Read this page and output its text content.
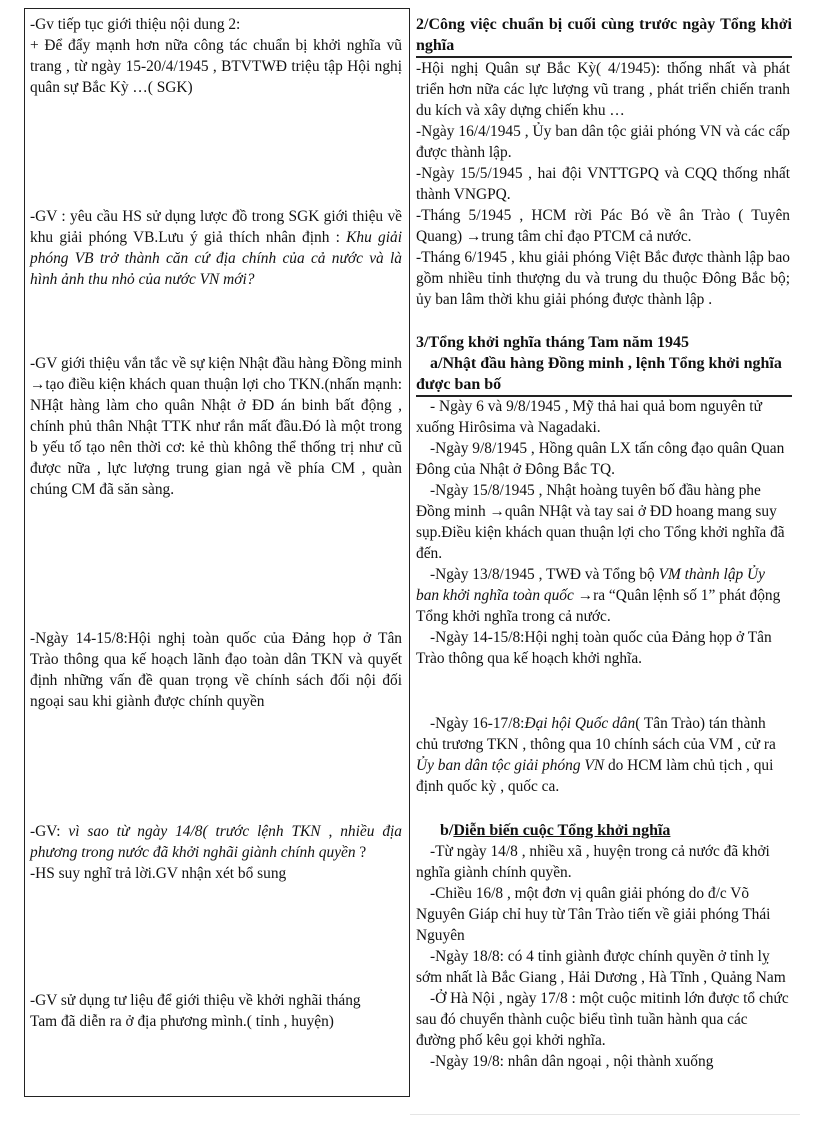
-Gv tiếp tục giới thiệu nội dung 2:

+ Để đẩy mạnh hơn nữa công tác chuẩn bị khởi nghĩa vũ trang , từ ngày 15-20/4/1945 , BTVTWĐ triệu tập Hội nghị quân sự Bắc Kỳ …( SGK)

-GV : yêu cầu HS sử dụng lược đồ trong SGK giới thiệu về khu giải phóng VB.Lưu ý giả thích nhân định : Khu giải phóng VB trở thành căn cứ địa chính của cả nước và là hình ảnh thu nhỏ của nước VN mới?
-GV giới thiệu vắn tắc về sự kiện Nhật đầu hàng Đồng minh →tạo điều kiện khách quan thuận lợi cho TKN.(nhấn mạnh: NHật hàng làm cho quân Nhật ở ĐD án binh bất động , chính phủ thân Nhật TTK như rắn mất đầu.Đó là một trong b yếu tố tạo nên thời cơ: kẻ thù không thể thống trị như cũ được nữa , lực lượng trung gian ngả về phía CM , quàn chúng CM đã săn sàng.
-Ngày 14-15/8:Hội nghị toàn quốc của Đảng họp ở Tân Trào thông qua kế hoạch lãnh đạo toàn dân TKN và quyết định những vấn đề quan trọng về chính sách đối nội đối ngoại sau khi giành được chính quyền

-GV: vì sao từ ngày 14/8( trước lệnh TKN , nhiều địa phương trong nước đã khởi nghãi giành chính quyền ?

-HS suy nghĩ trả lời.GV nhận xét bổ sung

-GV sử dụng tư liệu để giới thiệu về khởi nghãi tháng Tam đã diễn ra ở địa phương mình.( tỉnh , huyện)

2/Công việc chuẩn bị cuối cùng trước ngày Tổng khởi nghĩa

-Hội nghị Quân sự Bắc Kỳ( 4/1945): thống nhất và phát triển hơn nữa các lực lượng vũ trang , phát triển chiến tranh du kích và xây dựng chiến khu …

-Ngày 16/4/1945 , Ủy ban dân tộc giải phóng VN và các cấp được thành lập.

-Ngày 15/5/1945 , hai đội VNTTGPQ và CQQ thống nhất thành VNGPQ.

-Tháng 5/1945 , HCM rời Pác Bó về ân Trào ( Tuyên Quang) →trung tâm chỉ đạo PTCM cả nước.

-Tháng 6/1945 , khu giải phóng Việt Bắc được thành lập bao gồm nhiều tỉnh thượng du và trung du thuộc Đông Bắc bộ; ủy ban lâm thời khu giải phóng được thành lập .

3/Tổng khởi nghĩa tháng Tam năm 1945

a/Nhật đầu hàng Đồng minh , lệnh Tổng khởi nghĩa được ban bố

- Ngày 6 và 9/8/1945 , Mỹ thả hai quả bom nguyên tử xuống Hirôsima và Nagadaki.

-Ngày 9/8/1945 , Hồng quân LX tấn công đạo quân Quan Đông của Nhật ở Đông Bắc TQ.

-Ngày 15/8/1945 , Nhật hoàng tuyên bố đầu hàng phe Đồng minh →quân NHật và tay sai ở ĐD hoang mang suy sụp.Điều kiện khách quan thuận lợi cho Tổng khởi nghĩa đã đến.

-Ngày 13/8/1945 , TWĐ và Tổng bộ VM thành lập Ủy ban khởi nghĩa toàn quốc →ra “Quân lệnh số 1” phát động Tổng khởi nghĩa trong cả nước.

-Ngày 14-15/8:Hội nghị toàn quốc của Đảng họp ở Tân Trào thông qua kế hoạch khởi nghĩa.

-Ngày 16-17/8:Đại hội Quốc dân( Tân Trào) tán thành chủ trương TKN , thông qua 10 chính sách của VM , cử ra Ủy ban dân tộc giải phóng VN do HCM làm chủ tịch , qui định quốc kỳ , quốc ca.

b/Diễn biến cuộc Tổng khởi nghĩa

-Từ ngày 14/8 , nhiều xã , huyện trong cả nước đã khởi nghĩa giành chính quyền.

-Chiều 16/8 , một đơn vị quân giải phóng do đ/c Võ Nguyên Giáp chỉ huy từ Tân Trào tiến về giải phóng Thái Nguyên

-Ngày 18/8: có 4 tỉnh giành được chính quyền ở tỉnh lỵ sớm nhất là Bắc Giang , Hải Dương , Hà Tĩnh , Quảng Nam

-Ở Hà Nội , ngày 17/8 : một cuộc mitinh lớn được tổ chức sau đó chuyển thành cuộc biểu tình tuần hành qua các đường phố kêu gọi khởi nghĩa.

-Ngày 19/8: nhân dân ngoại , nội thành xuống
